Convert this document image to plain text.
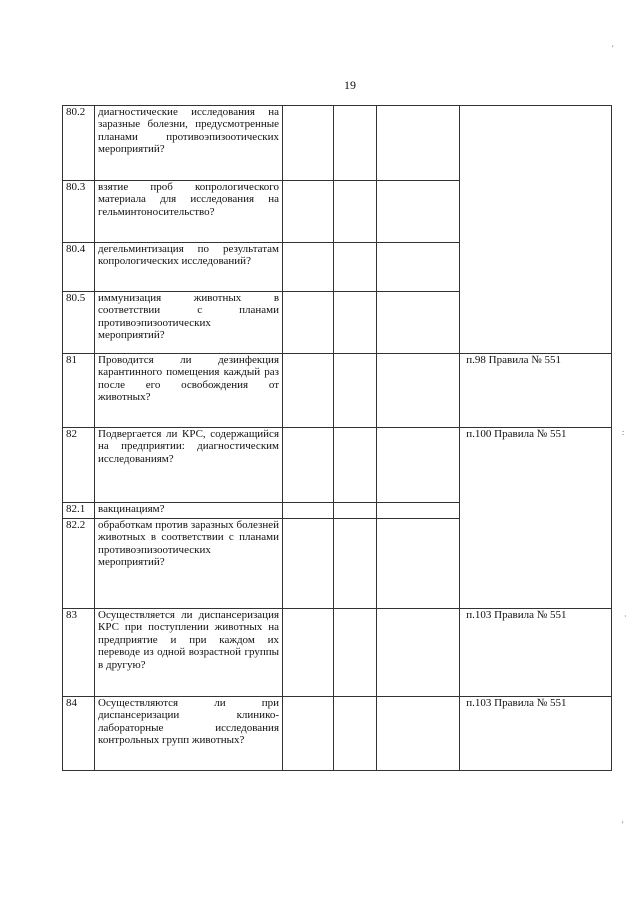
19
'
:
·
'
80.2	диагностические исследования на заразные болезни, предусмотренные планами противоэпизоотических мероприятий?				
80.3	взятие проб копрологического материала для исследования на гельминтоносительство?				
80.4	дегельминтизация по результатам копрологических исследований?				
80.5	иммунизация животных в соответствии с планами противоэпизоотических мероприятий?				
81	Проводится ли дезинфекция карантинного помещения каждый раз после его освобождения от животных?				п.98 Правила № 551
82	Подвергается ли КРС, содержащийся на предприятии: диагностическим исследованиям?				п.100 Правила № 551
82.1	вакцинациям?				
82.2	обработкам против заразных болезней животных в соответствии с планами противоэпизоотических мероприятий?				
83	Осуществляется ли диспансеризация КРС при поступлении животных на предприятие и при каждом их переводе из одной возрастной группы в другую?				п.103 Правила № 551
84	Осуществляются ли при диспансеризации клинико-лабораторные исследования контрольных групп животных?				п.103 Правила № 551
